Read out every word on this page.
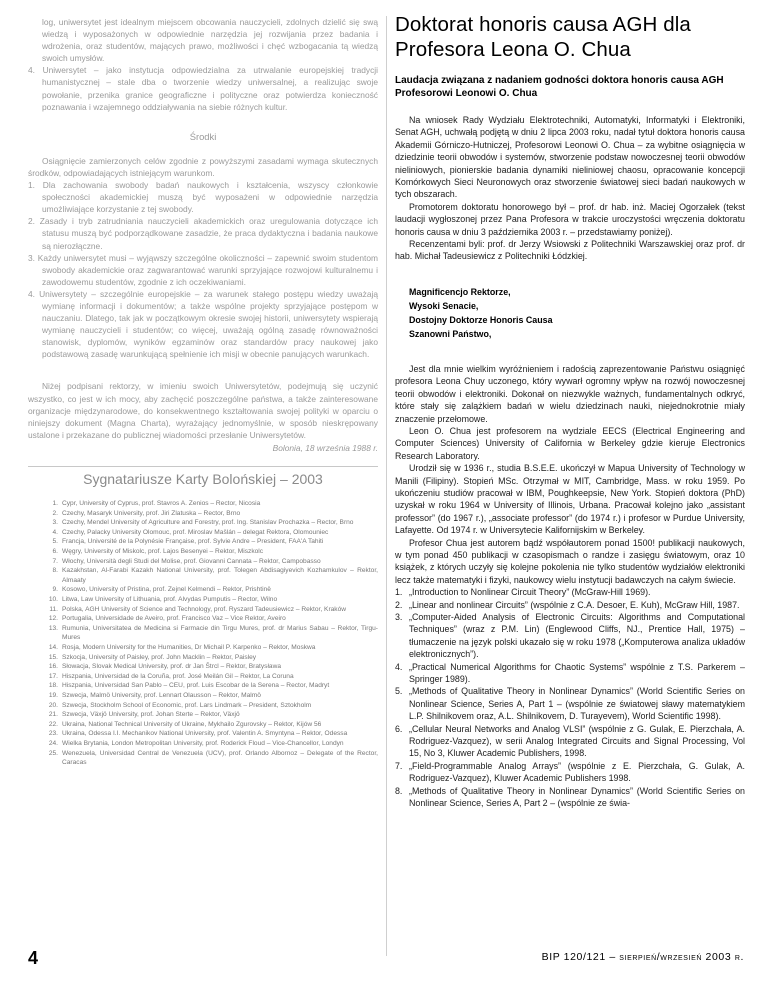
log, uniwersytet jest idealnym miejscem obcowania nauczycieli, zdolnych dzielić się swą wiedzą i wyposażonych w odpowiednie narzędzia jej rozwijania przez badania i wdrożenia, oraz studentów, mających prawo, możliwości i chęć wzbogacania tą wiedzą swoich umysłów.

4. Uniwersytet – jako instytucja odpowiedzialna za utrwalanie europejskiej tradycji humanistycznej – stale dba o tworzenie wiedzy uniwersalnej, a realizując swoje powołanie, przenika granice geograficzne i polityczne oraz potwierdza konieczność poznawania i wzajemnego oddziaływania na siebie różnych kultur.
Środki

Osiągnięcie zamierzonych celów zgodnie z powyższymi zasadami wymaga skutecznych środków, odpowiadających istniejącym warunkom.

1. Dla zachowania swobody badań naukowych i kształcenia, wszyscy członkowie społeczności akademickiej muszą być wyposażeni w odpowiednie narzędzia umożliwiające korzystanie z tej swobody.
2. Zasady i tryb zatrudniania nauczycieli akademickich oraz uregulowania dotyczące ich statusu muszą być podporządkowane zasadzie, że praca dydaktyczna i badania naukowe są nierozłączne.
3. Każdy uniwersytet musi – wyjąwszy szczególne okoliczności – zapewnić swoim studentom swobody akademickie oraz zagwarantować warunki sprzyjające rozwojowi kulturalnemu i zawodowemu studentów, zgodnie z ich oczekiwaniami.
4. Uniwersytety – szczególnie europejskie – za warunek stałego postępu wiedzy uważają wymianę informacji i dokumentów; a także wspólne projekty sprzyjające postępom w nauczaniu. Dlatego, tak jak w początkowym okresie swojej historii, uniwersytety wspierają wymianę nauczycieli i studentów; co więcej, uważają ogólną zasadę równoważności stanowisk, dyplomów, wyników egzaminów oraz standardów pracy naukowej jako podstawową zasadę warunkującą spełnienie ich misji w obecnie panujących warunkach.

Niżej podpisani rektorzy, w imieniu swoich Uniwersytetów, podejmują się uczynić wszystko, co jest w ich mocy, aby zachęcić poszczególne państwa, a także zainteresowane organizacje międzynarodowe, do konsekwentnego kształtowania swojej polityki w oparciu o niniejszy dokument (Magna Charta), wyrażający jednomyślnie, w sposób nieskrępowany ustalone i przekazane do publicznej wiadomości przesłanie Uniwersytetów.

Bolonia, 18 września 1988 r.
Sygnatariusze Karty Bolońskiej – 2003
1. Cypr, University of Cyprus, prof. Stavros A. Zenios – Rector, Nicosia
2. Czechy, Masaryk University, prof. Jiri Zlatuska – Rector, Brno
3. Czechy, Mendel University of Agriculture and Forestry, prof. Ing. Stanislav Prochazka – Rector, Brno
4. Czechy, Palacky University Olomouc, prof. Miroslav Mašlán – delegat Rektora, Olomouniec
5. Francja, Université de la Polynésie Française, prof. Sylvie Andre – President, FAA'A Tahiti
6. Węgry, University of Miskolc, prof. Lajos Besenyei – Rektor, Miszkolc
7. Włochy, Università degli Studi del Molise, prof. Giovanni Cannata – Rektor, Campobasso
8. Kazakhstan, Al-Farabi Kazakh National University, prof. Tolegen Abdisagiyevich Kozhamkulov – Rektor, Almaaty
9. Kosowo, University of Pristina, prof. Zejnel Kelmendi – Rektor, Prishtinë
10. Litwa, Law University of Lithuania, prof. Alvydas Pumputis – Rector, Wilno
11. Polska, AGH University of Science and Technology, prof. Ryszard Tadeusiewicz – Rektor, Kraków
12. Portugalia, Universidade de Aveiro, prof. Francisco Vaz – Vice Rektor, Aveiro
13. Rumunia, Universitatea de Medicina si Farmacie din Tirgu Mures, prof. dr Marius Sabau – Rektor, Tirgu-Mures
14. Rosja, Modern University for the Humanities, Dr Michail P. Karpenko – Rektor, Moskwa
15. Szkocja, University of Paisley, prof. John Macklin – Rektor, Paisley
16. Słowacja, Slovak Medical University, prof. dr Jan Štrcl – Rektor, Bratysława
17. Hiszpania, Universidad de la Coruña, prof. José Meilán Gil – Rektor, La Coruna
18. Hiszpania, Universidad San Pablo – CEU, prof. Luis Escobar de la Serena – Rector, Madryt
19. Szwecja, Malmö University, prof. Lennart Olausson – Rektor, Malmö
20. Szwecja, Stockholm School of Economic, prof. Lars Lindmark – President, Sztokholm
21. Szwecja, Växjö University, prof. Johan Sterte – Rektor, Växjö
22. Ukraina, National Technical University of Ukraine, Mykhailo Zgurovsky – Rektor, Kijów 56
23. Ukraina, Odessa I.I. Mechanikov National University, prof. Valentin A. Smyntyna – Rektor, Odessa
24. Wielka Brytania, London Metropolitan University, prof. Roderick Floud – Vice-Chancellor, Londyn
25. Wenezuela, Universidad Central de Venezuela (UCV), prof. Orlando Albornoz – Delegate of the Rector, Caracas
Doktorat honoris causa AGH dla Profesora Leona O. Chua
Laudacja związana z nadaniem godności doktora honoris causa AGH Profesorowi Leonowi O. Chua

Na wniosek Rady Wydziału Elektrotechniki, Automatyki, Informatyki i Elektroniki, Senat AGH, uchwałą podjętą w dniu 2 lipca 2003 roku, nadał tytuł doktora honoris causa Akademii Górniczo-Hutniczej, Profesorowi Leonowi O. Chua – za wybitne osiągnięcia w dziedzinie teorii obwodów i systemów, stworzenie podstaw nowoczesnej teorii obwodów nieliniowych, pionierskie badania dynamiki nieliniowej chaosu, opracowanie koncepcji Komórkowych Sieci Neuronowych oraz stworzenie światowej sieci badań naukowych w tych obszarach.

Promotorem doktoratu honorowego był – prof. dr hab. inż. Maciej Ogorzałek (tekst laudacji wygłoszonej przez Pana Profesora w trakcie uroczystości wręczenia doktoratu honoris causa w dniu 3 października 2003 r. – przedstawiamy poniżej).

Recenzentami byli: prof. dr Jerzy Wsiowski z Politechniki Warszawskiej oraz prof. dr hab. Michał Tadeusiewicz z Politechniki Łódzkiej.

Magnificencjo Rektorze,
Wysoki Senacie,
Dostojny Doktorze Honoris Causa
Szanowni Państwo,

Jest dla mnie wielkim wyróżnieniem i radością zaprezentowanie Państwu osiągnięć profesora Leona Chuy uczonego, który wywarł ogromny wpływ na rozwój nowoczesnej teorii obwodów i elektroniki. Dokonał on niezwykle ważnych, fundamentalnych odkryć, które stały się zalążkiem badań w wielu dziedzinach nauki, niejednokrotnie miały znaczenie przełomowe.

Leon O. Chua jest profesorem na wydziale EECS (Electrical Engineering and Computer Sciences) University of California w Berkeley gdzie kieruje Electronics Research Laboratory.

Urodził się w 1936 r., studia B.S.E.E. ukończył w Mapua University of Technology w Manili (Filipiny). Stopień MSc. Otrzymał w MIT, Cambridge, Mass. w roku 1959. Po ukończeniu studiów pracował w IBM, Poughkeepsie, New York. Stopień doktora (PhD) uzyskał w roku 1964 w University of Illinois, Urbana. Pracował kolejno jako „assistant professor” (do 1967 r.), „associate professor” (do 1974 r.) i profesor w Purdue University, Lafayette. Od 1974 r. w Universytecie Kalifornijskim w Berkeley.

Profesor Chua jest autorem bądź współautorem ponad 1500! publikacji naukowych, w tym ponad 450 publikacji w czasopismach o randze i zasięgu światowym, oraz 10 książek, z których uczyły się kolejne pokolenia nie tylko studentów wydziałów elektroniki lecz także matematyki i fizyki, naukowcy wielu instytucji badawczych na całym świecie.

1. „Introduction to Nonlinear Circuit Theory” (McGraw-Hill 1969).
2. „Linear and nonlinear Circuits” (wspólnie z C.A. Desoer, E. Kuh), McGraw Hill, 1987.
3. „Computer-Aided Analysis of Electronic Circuits: Algorithms and Computational Techniques” (wraz z P.M. Lin) (Englewood Cliffs, NJ., Prentice Hall, 1975) – tłumaczenie na język polski ukazało się w roku 1978 („Komputerowa analiza układów elektronicznych”).
4. „Practical Numerical Algorithms for Chaotic Systems” wspólnie z T.S. Parkerem – Springer 1989).
5. „Methods of Qualitative Theory in Nonlinear Dynamics” (World Scientific Series on Nonlinear Science, Series A, Part 1 – (wspólnie ze światowej sławy matematykiem L.P. Shilnikovem oraz, A.L. Shilnikovem, D. Turayevem), World Scientific 1998).
6. „Cellular Neural Networks and Analog VLSI” (wspólnie z G. Gulak, E. Pierzchała, A. Rodriguez-Vazquez), w serii Analog Integrated Circuits and Signal Processing, Vol 15, No 3, Kluwer Academic Publishers, 1998.
7. „Field-Programmable Analog Arrays” (wspólnie z E. Pierzchała, G. Gulak, A. Rodriguez-Vazquez), Kluwer Academic Publishers 1998.
8. „Methods of Qualitative Theory in Nonlinear Dynamics” (World Scientific Series on Nonlinear Science, Series A, Part 2 – (wspólnie ze świa-
4	BIP 120/121 – sierpień/wrzesień 2003 r.
